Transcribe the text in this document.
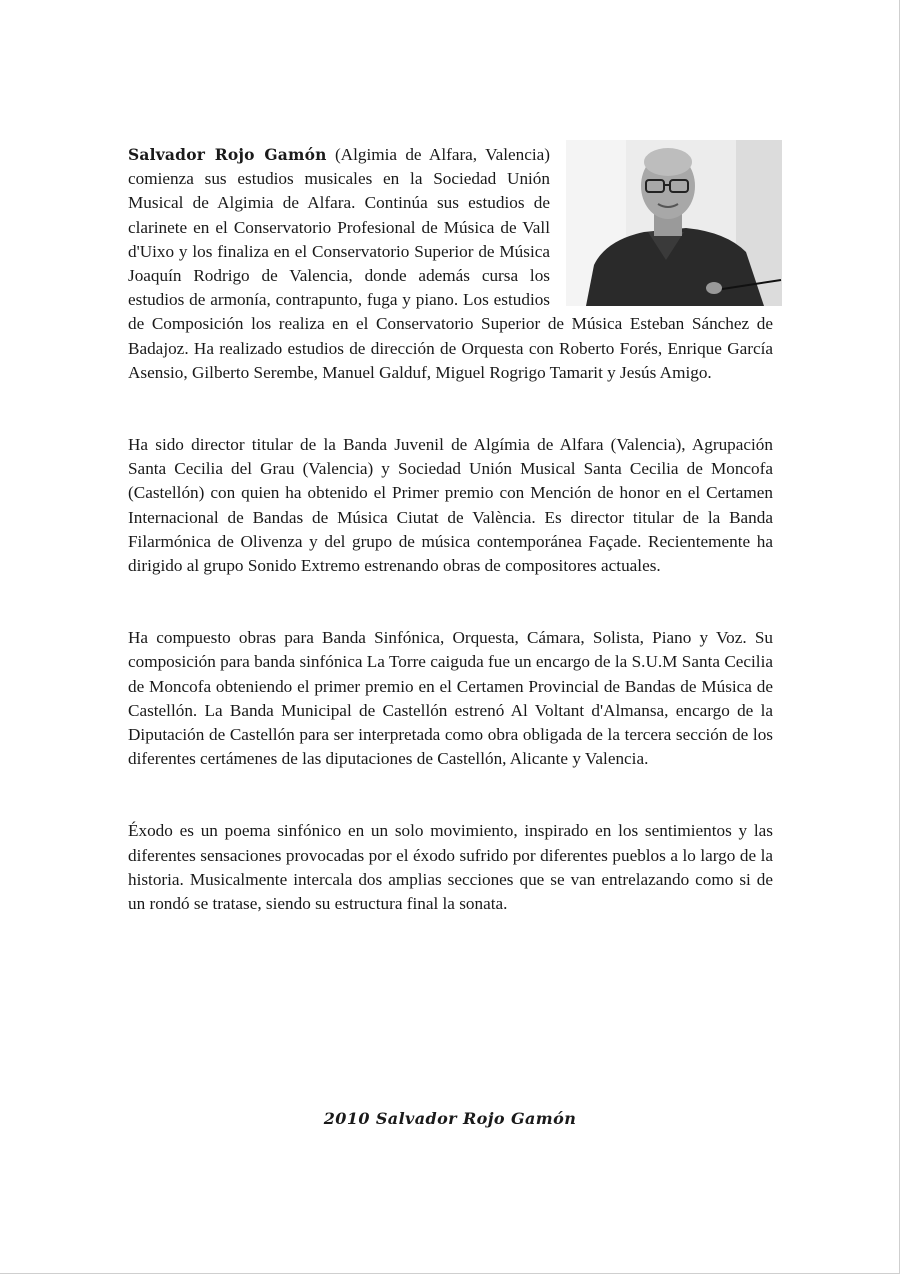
Salvador Rojo Gamón (Algimia de Alfara, Valencia) comienza sus estudios musicales en la Sociedad Unión Musical de Algimia de Alfara. Continúa sus estudios de clarinete en el Conservatorio Profesional de Música de Vall d'Uixo y los finaliza en el Conservatorio Superior de Música Joaquín Rodrigo de Valencia, donde además cursa los estudios de armonía, contrapunto, fuga y piano. Los estudios de Composición los realiza en el Conservatorio Superior de Música Esteban Sánchez de Badajoz. Ha realizado estudios de dirección de Orquesta con Roberto Forés, Enrique García Asensio, Gilberto Serembe, Manuel Galduf, Miguel Rogrigo Tamarit y Jesús Amigo.

Ha sido director titular de la Banda Juvenil de Algímia de Alfara (Valencia), Agrupación Santa Cecilia del Grau (Valencia) y Sociedad Unión Musical Santa Cecilia de Moncofa (Castellón) con quien ha obtenido el Primer premio con Mención de honor en el Certamen Internacional de Bandas de Música Ciutat de València. Es director titular de la Banda Filarmónica de Olivenza y del grupo de música contemporánea Façade. Recientemente ha dirigido al grupo Sonido Extremo estrenando obras de compositores actuales.

Ha compuesto obras para Banda Sinfónica, Orquesta, Cámara, Solista, Piano y Voz. Su composición para banda sinfónica La Torre caiguda fue un encargo de la S.U.M Santa Cecilia de Moncofa obteniendo el primer premio en el Certamen Provincial de Bandas de Música de Castellón. La Banda Municipal de Castellón estrenó Al Voltant d'Almansa, encargo de la Diputación de Castellón para ser interpretada como obra obligada de la tercera sección de los diferentes certámenes de las diputaciones de Castellón, Alicante y Valencia.

Éxodo es un poema sinfónico en un solo movimiento, inspirado en los sentimientos y las diferentes sensaciones provocadas por el éxodo sufrido por diferentes pueblos a lo largo de la historia. Musicalmente intercala dos amplias secciones que se van entrelazando como si de un rondó se tratase, siendo su estructura final la sonata.

2010 Salvador Rojo Gamón
